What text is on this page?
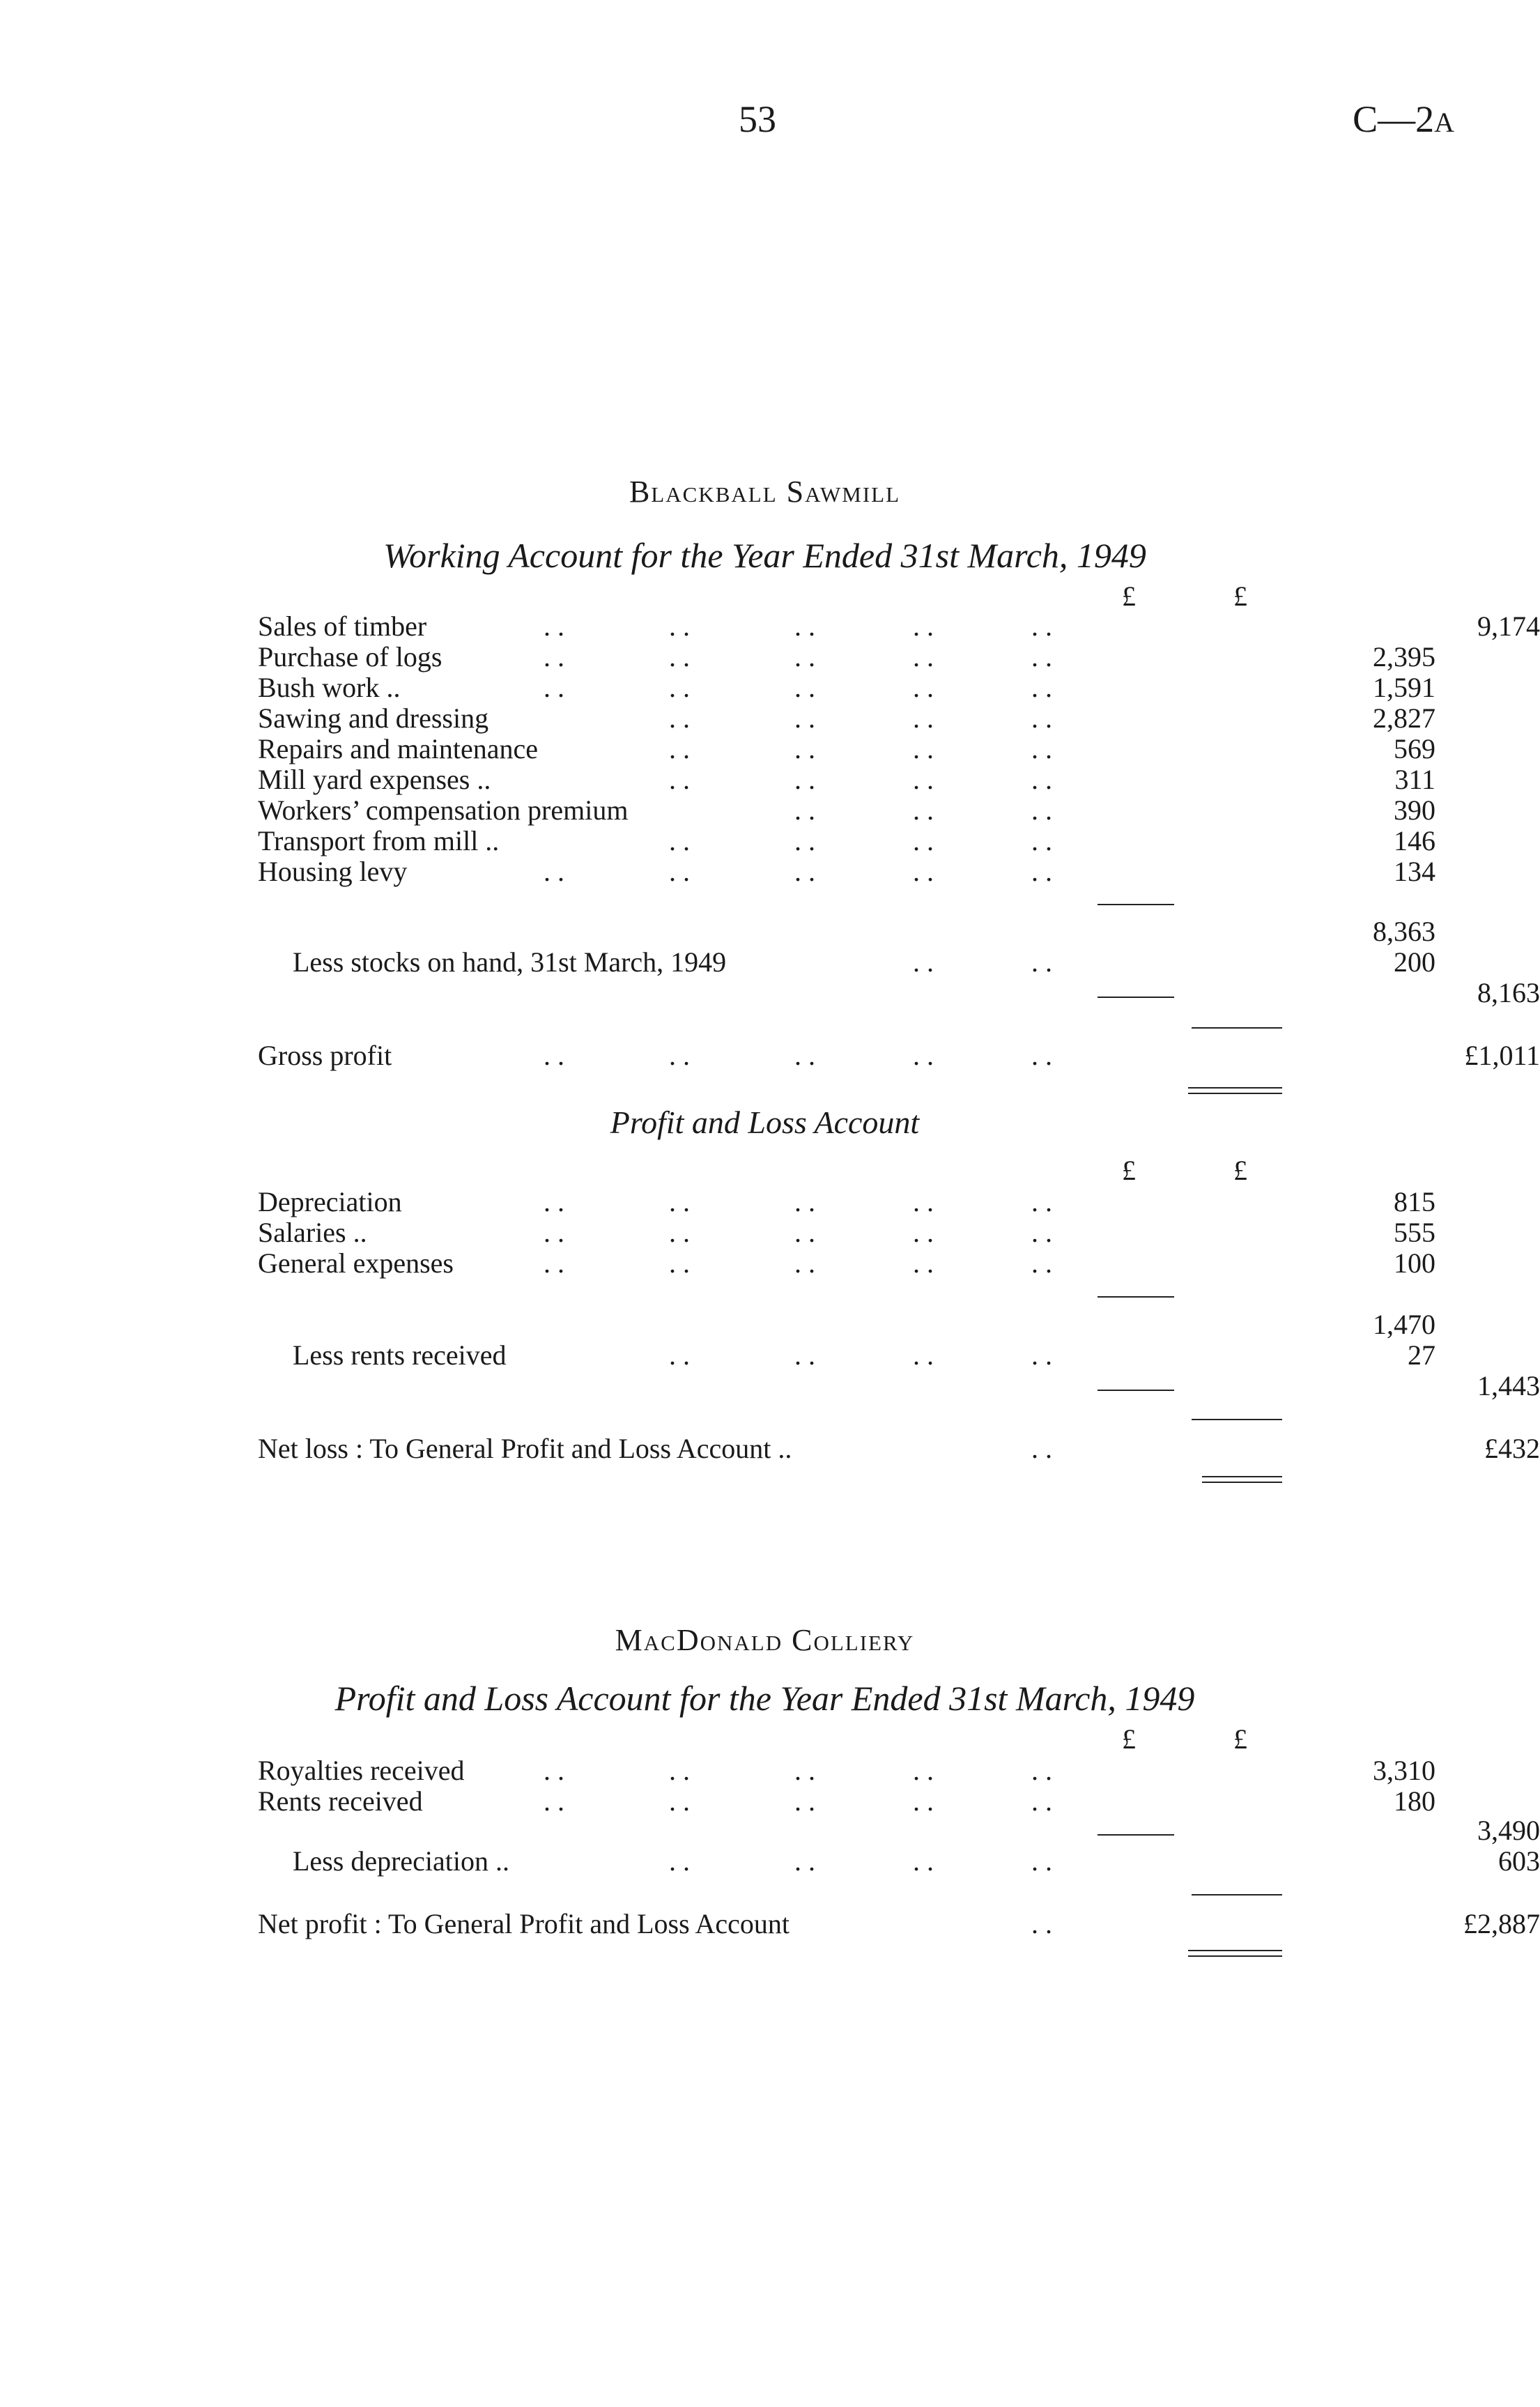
53	C—2A
Blackball Sawmill
Working Account for the Year Ended 31st March, 1949
£	£
Sales of timber	. .	. .	. .	. .	. .	9,174
Purchase of logs	. .	. .	. .	. .	. .	2,395
Bush work ..	. .	. .	. .	. .	. .	1,591
Sawing and dressing	. .	. .	. .	. .	2,827
Repairs and maintenance	. .	. .	. .	. .	569
Mill yard expenses ..	. .	. .	. .	. .	311
Workers’ compensation premium	. .	. .	. .	390
Transport from mill ..	. .	. .	. .	. .	146
Housing levy	. .	. .	. .	. .	. .	134
8,363
Less stocks on hand, 31st March, 1949	. .	. .	200
8,163
Gross profit	. .	. .	. .	. .	. .	£1,011
Profit and Loss Account
£	£
Depreciation	. .	. .	. .	. .	. .	815
Salaries ..	. .	. .	. .	. .	. .	555
General expenses	. .	. .	. .	. .	. .	100
1,470
Less rents received	. .	. .	. .	. .	27
1,443
Net loss : To General Profit and Loss Account ..	. .	£432
MacDonald Colliery
Profit and Loss Account for the Year Ended 31st March, 1949
£	£
Royalties received	. .	. .	. .	. .	. .	3,310
Rents received	. .	. .	. .	. .	. .	180
3,490
Less depreciation ..	. .	. .	. .	. .	603
Net profit : To General Profit and Loss Account	. .	£2,887
